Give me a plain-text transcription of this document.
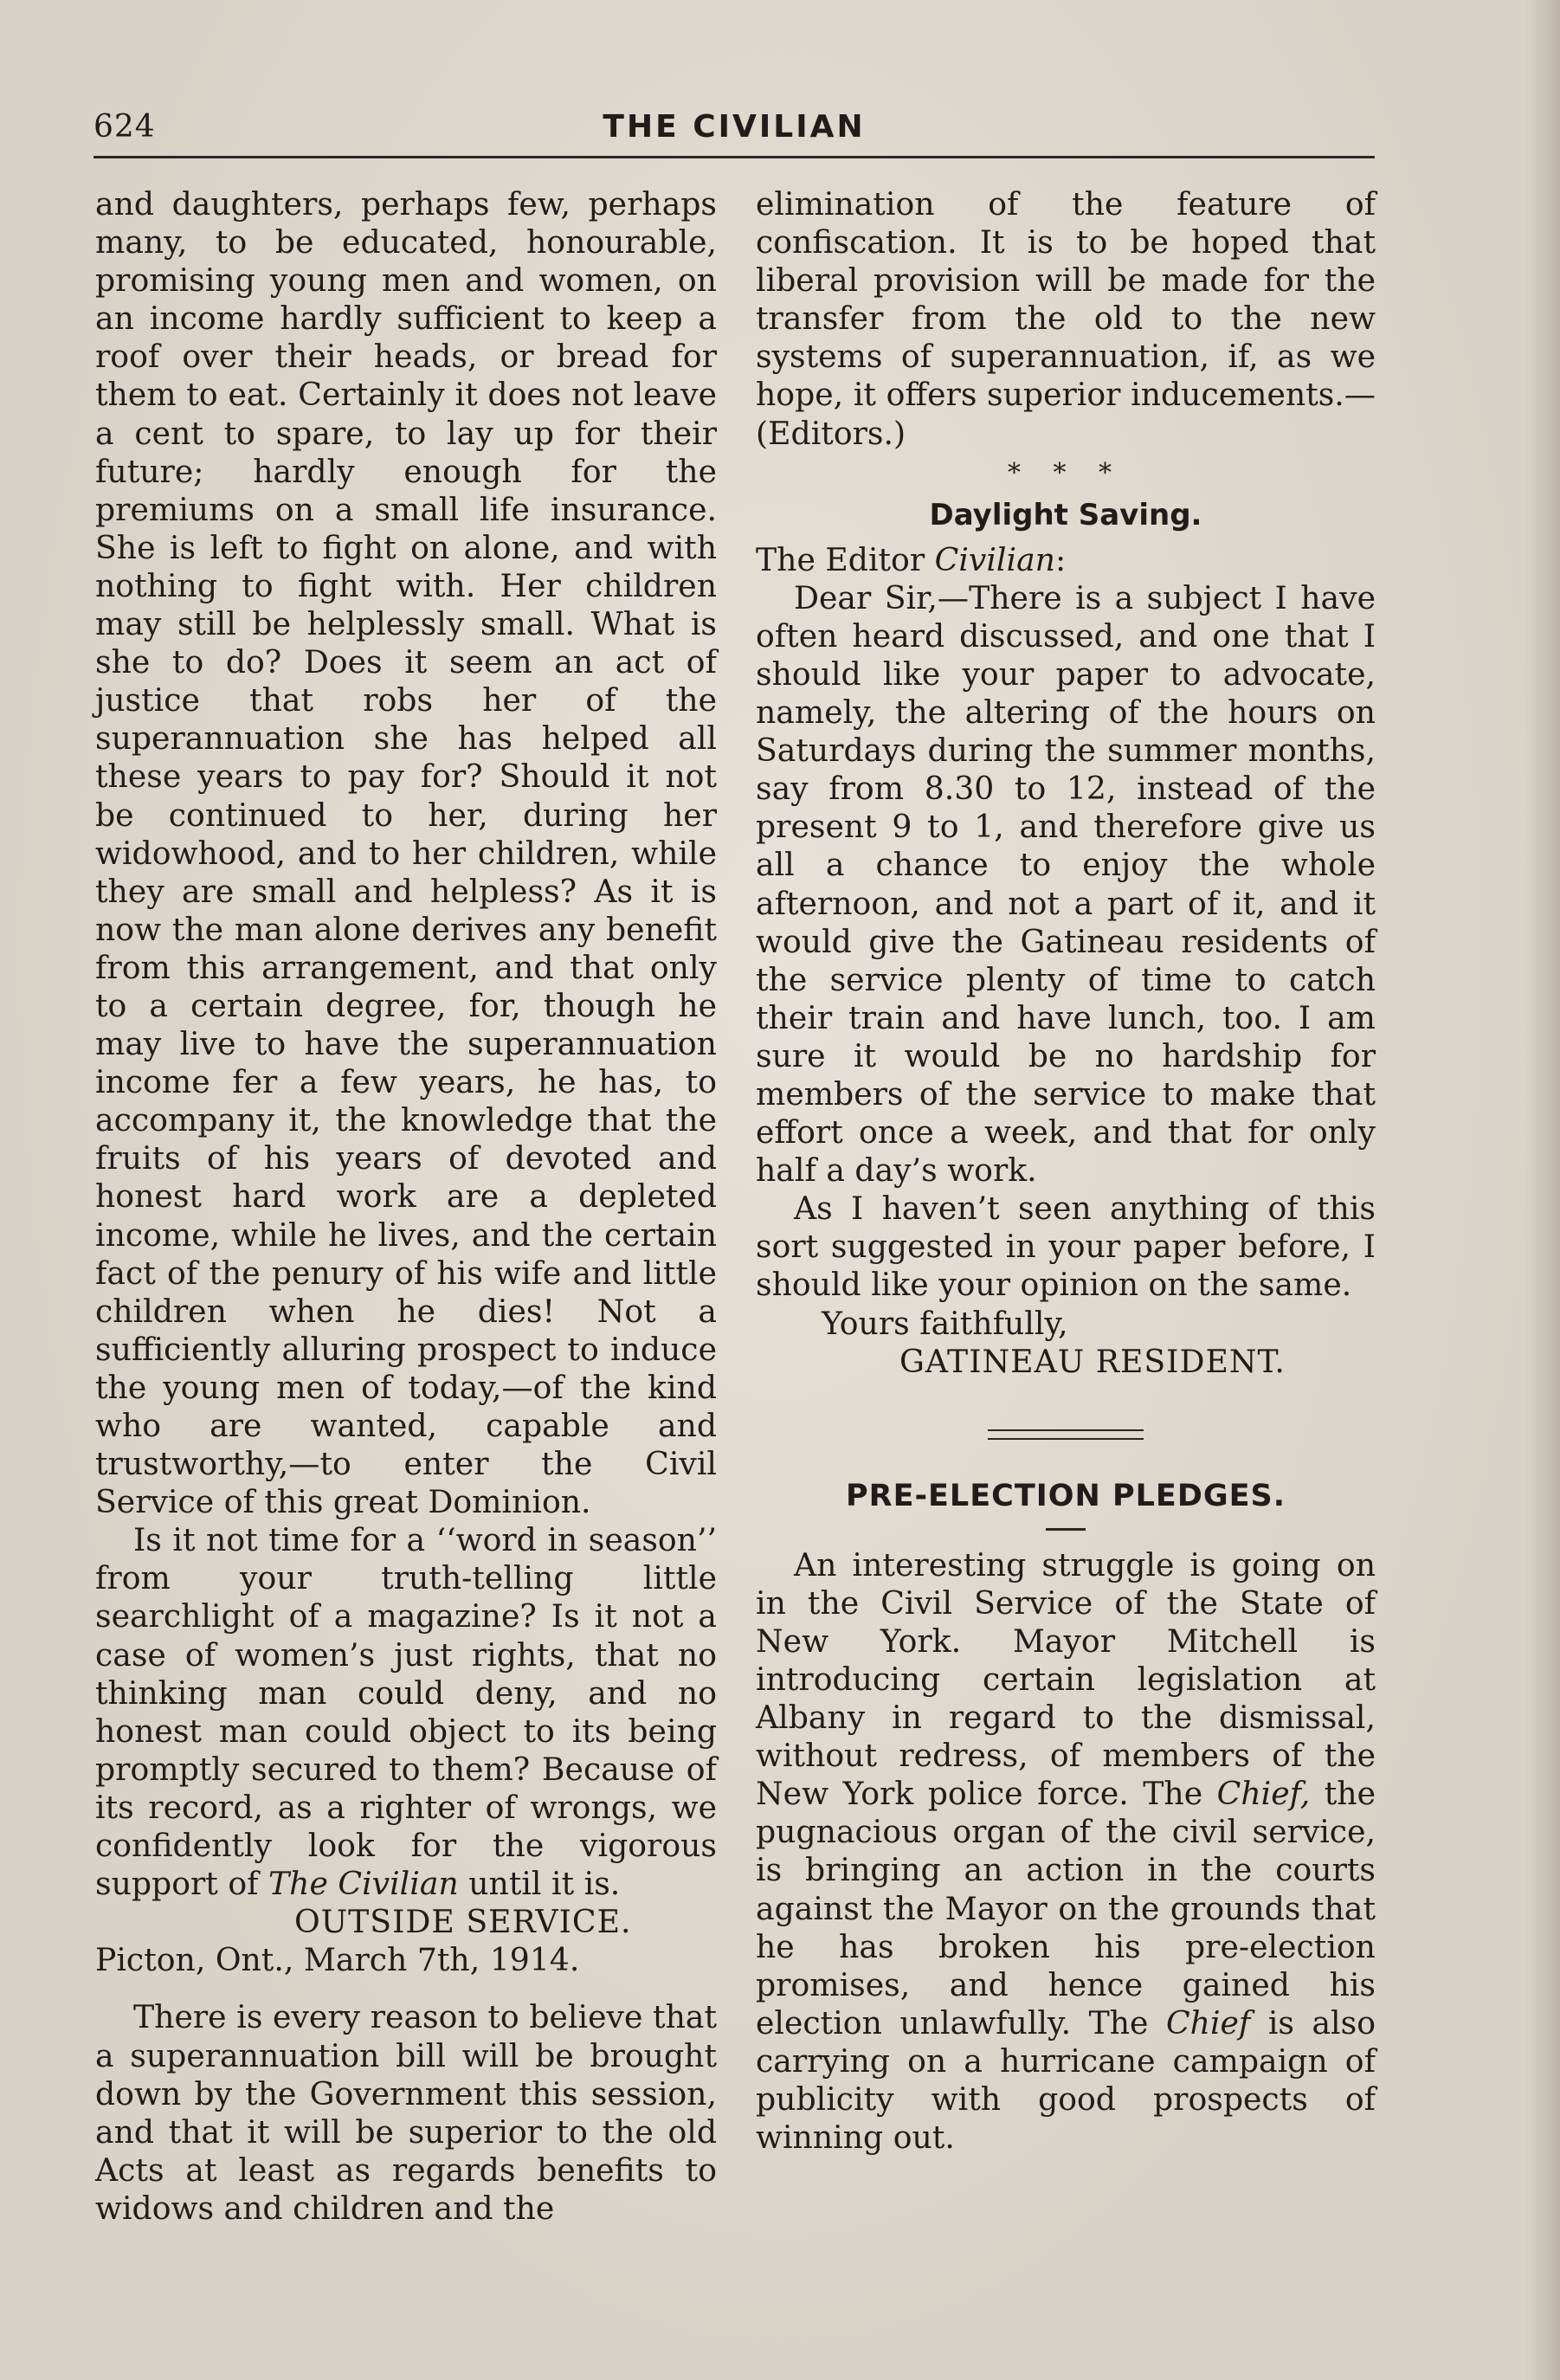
624	THE CIVILIAN

and daughters, perhaps few, perhaps many, to be educated, honourable, promising young men and women, on an income hardly sufficient to keep a roof over their heads, or bread for them to eat. Certainly it does not leave a cent to spare, to lay up for their future; hardly enough for the premiums on a small life insurance. She is left to fight on alone, and with nothing to fight with. Her children may still be helplessly small. What is she to do? Does it seem an act of justice that robs her of the superannuation she has helped all these years to pay for? Should it not be continued to her, during her widowhood, and to her children, while they are small and helpless? As it is now the man alone derives any benefit from this arrangement, and that only to a certain degree, for, though he may live to have the superannuation income fer a few years, he has, to accompany it, the knowledge that the fruits of his years of devoted and honest hard work are a depleted income, while he lives, and the certain fact of the penury of his wife and little children when he dies! Not a sufficiently alluring prospect to induce the young men of today,—of the kind who are wanted, capable and trustworthy,—to enter the Civil Service of this great Dominion.

Is it not time for a ‘‘word in season’’ from your truth-telling little searchlight of a magazine? Is it not a case of women’s just rights, that no thinking man could deny, and no honest man could object to its being promptly secured to them? Because of its record, as a righter of wrongs, we confidently look for the vigorous support of The Civilian until it is.

OUTSIDE SERVICE.

Picton, Ont., March 7th, 1914.

There is every reason to believe that a superannuation bill will be brought down by the Government this session, and that it will be superior to the old Acts at least as regards benefits to widows and children and the

elimination of the feature of confiscation. It is to be hoped that liberal provision will be made for the transfer from the old to the new systems of superannuation, if, as we hope, it offers superior inducements.—(Editors.)

* * *

Daylight Saving.

The Editor Civilian:

Dear Sir,—There is a subject I have often heard discussed, and one that I should like your paper to advocate, namely, the altering of the hours on Saturdays during the summer months, say from 8.30 to 12, instead of the present 9 to 1, and therefore give us all a chance to enjoy the whole afternoon, and not a part of it, and it would give the Gatineau residents of the service plenty of time to catch their train and have lunch, too. I am sure it would be no hardship for members of the service to make that effort once a week, and that for only half a day’s work.

As I haven’t seen anything of this sort suggested in your paper before, I should like your opinion on the same.

Yours faithfully,

GATINEAU RESIDENT.

PRE-ELECTION PLEDGES.

An interesting struggle is going on in the Civil Service of the State of New York. Mayor Mitchell is introducing certain legislation at Albany in regard to the dismissal, without redress, of members of the New York police force. The Chief, the pugnacious organ of the civil service, is bringing an action in the courts against the Mayor on the grounds that he has broken his pre-election promises, and hence gained his election unlawfully. The Chief is also carrying on a hurricane campaign of publicity with good prospects of winning out.
